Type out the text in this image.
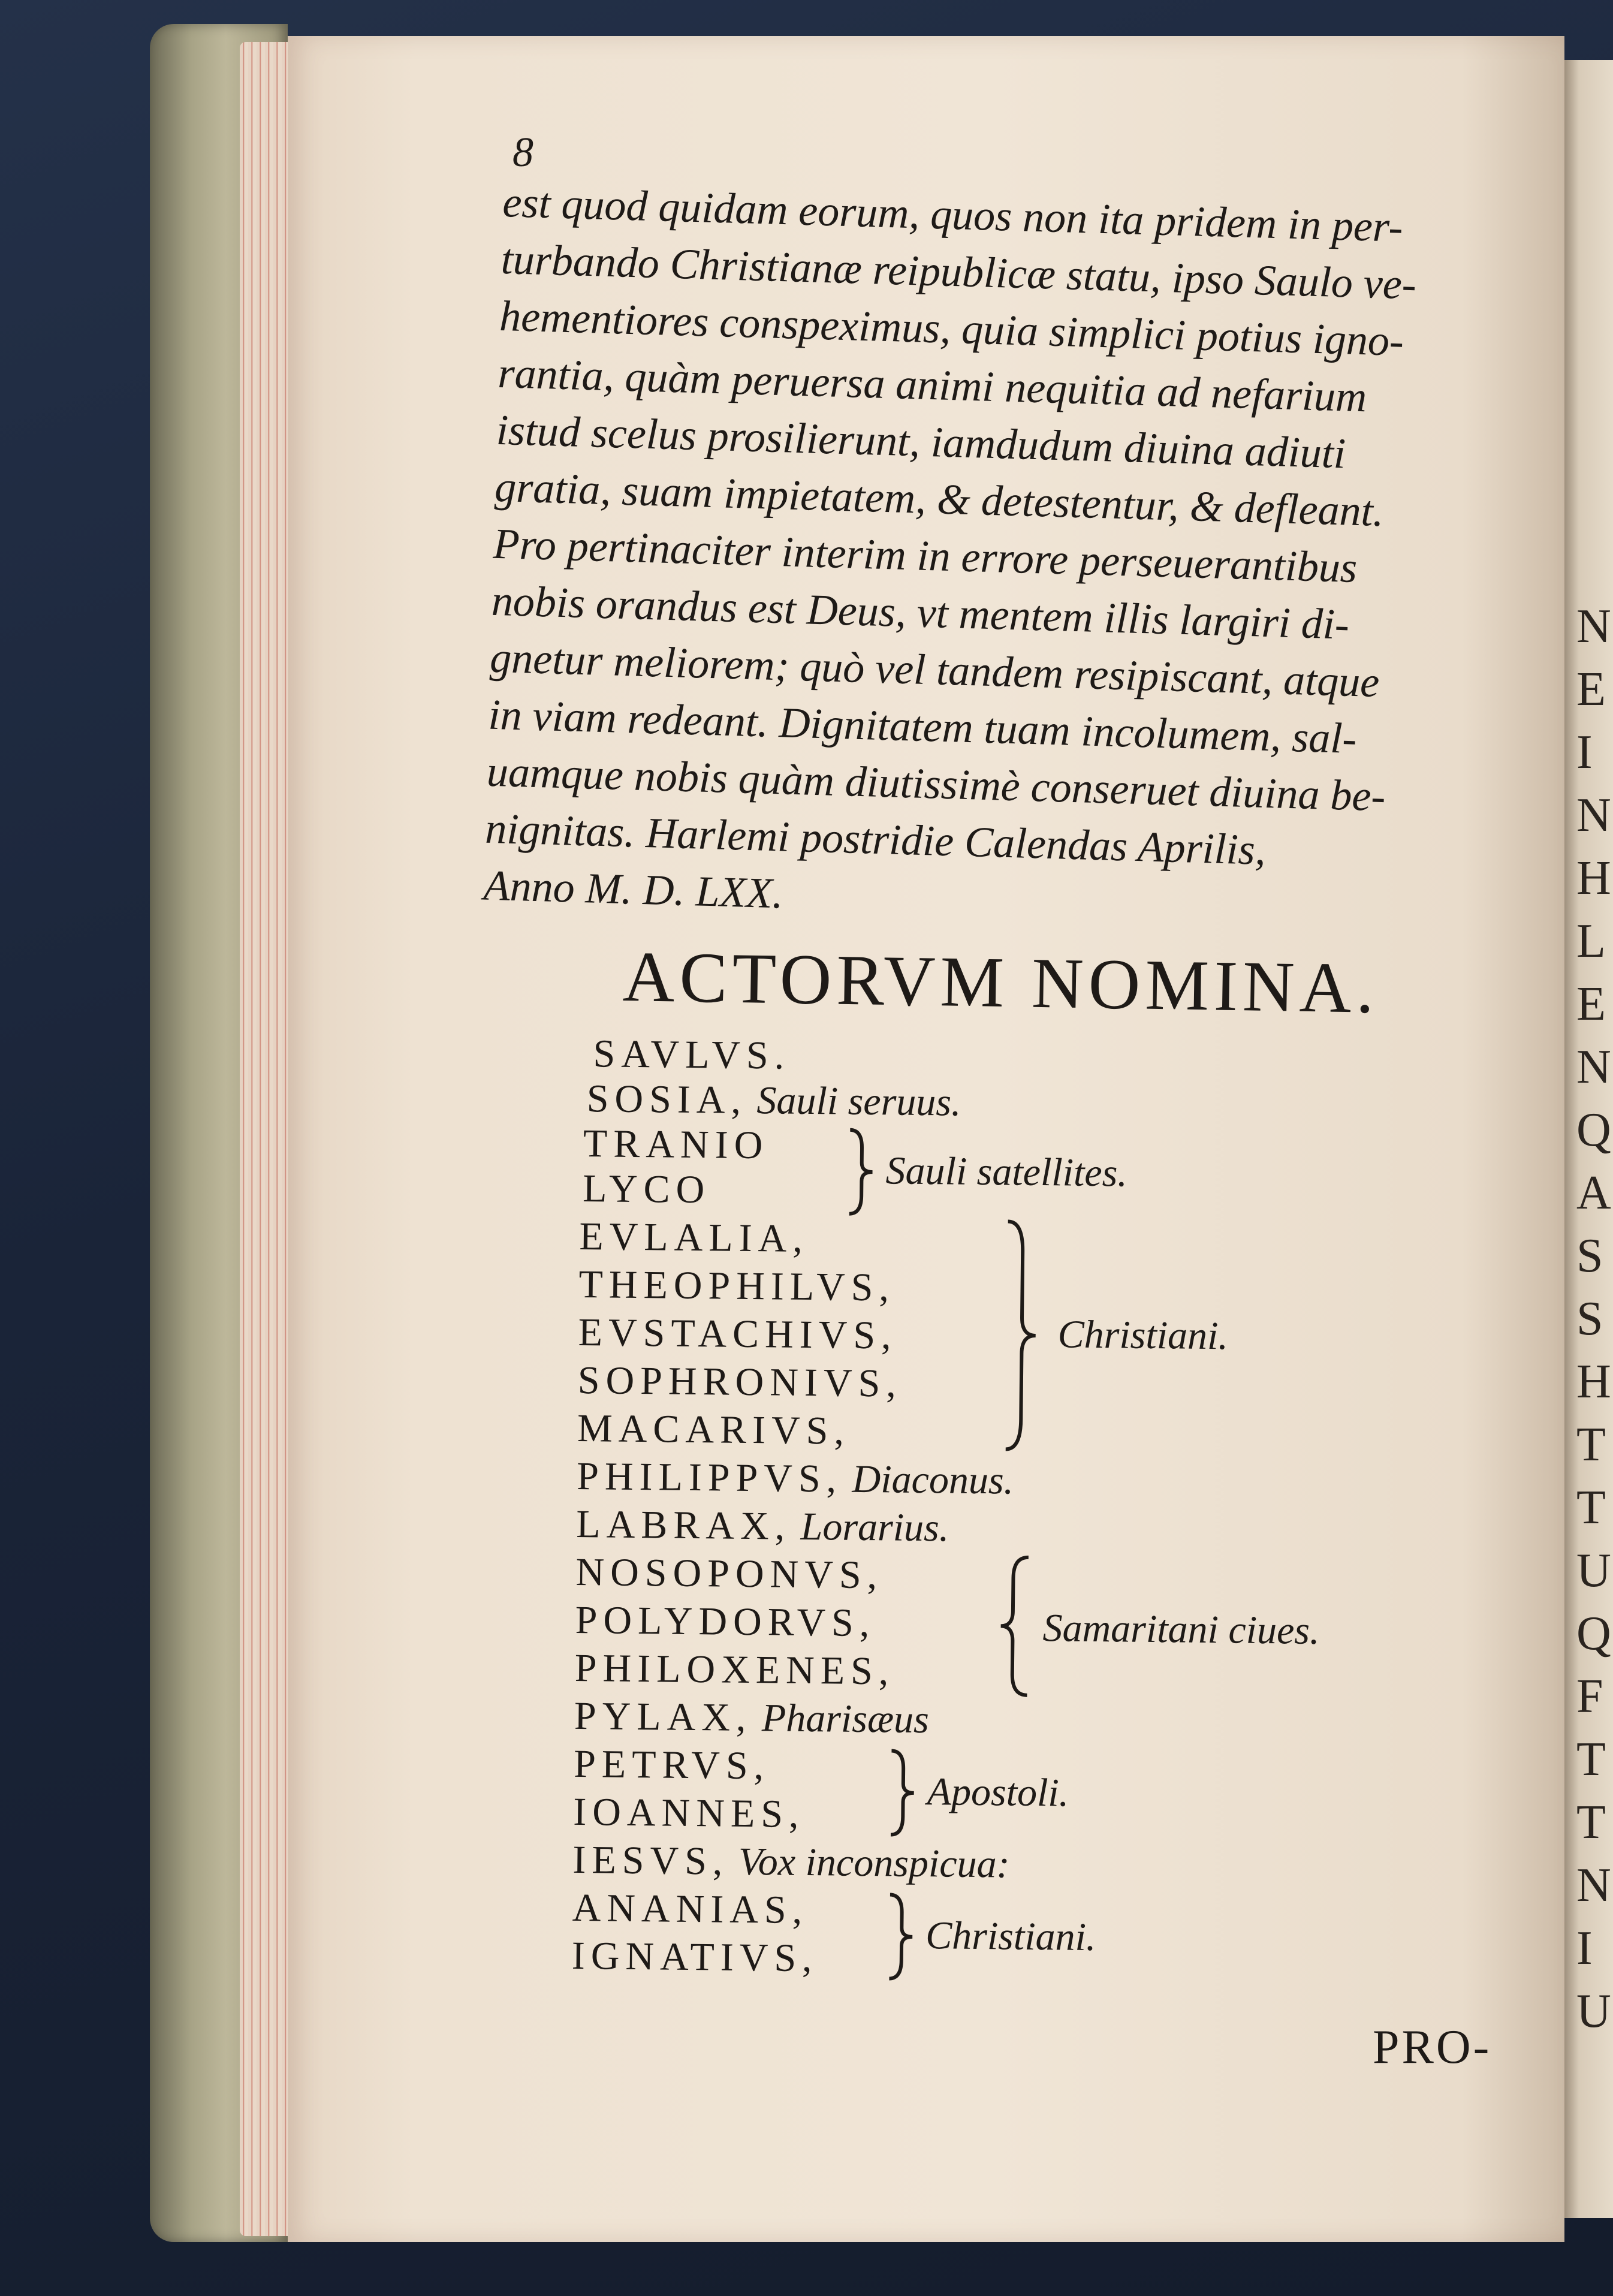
N
E
I
N
H
L
E
N
Q
A
S
S
H
T
T
U
Q
F
T
T
N
I
U
8
est quod quidam eorum, quos non ita pridem in per-
turbando Christianæ reipublicæ statu, ipso Saulo ve-
hementiores conspeximus, quia simplici potius igno-
rantia, quàm peruersa animi nequitia ad nefarium
istud scelus prosilierunt, iamdudum diuina adiuti
gratia, suam impietatem, & detestentur, & defleant.
Pro pertinaciter interim in errore perseuerantibus
nobis orandus est Deus, vt mentem illis largiri di-
gnetur meliorem; quò vel tandem resipiscant, atque
in viam redeant. Dignitatem tuam incolumem, sal-
uamque nobis quàm diutissimè conseruet diuina be-
nignitas. Harlemi postridie Calendas Aprilis,
Anno M. D. LXX.
ACTORVM NOMINA.
SAVLVS.
SOSIA, Sauli seruus.
TRANIO
LYCO
EVLALIA,
THEOPHILVS,
EVSTACHIVS,
SOPHRONIVS,
MACARIVS,
PHILIPPVS, Diaconus.
LABRAX, Lorarius.
NOSOPONVS,
POLYDORVS,
PHILOXENES,
PYLAX, Pharisæus
PETRVS,
IOANNES,
IESVS, Vox inconspicua:
ANANIAS,
IGNATIVS,
Sauli satellites.
Christiani.
Samaritani ciues.
Apostoli.
Christiani.
PRO-
